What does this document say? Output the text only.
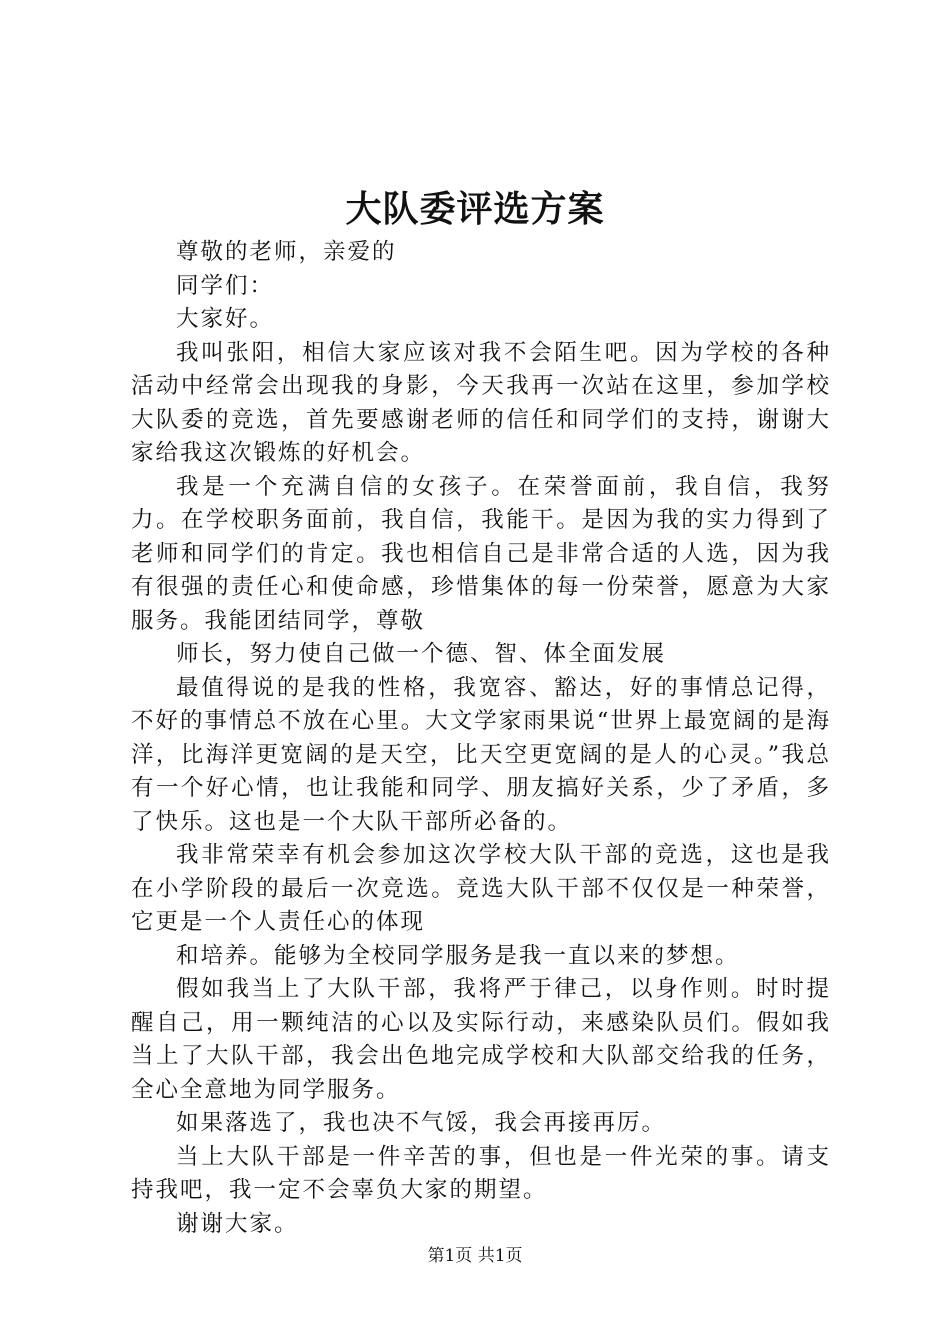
大队委评选方案

尊敬的老师，亲爱的

同学们：

大家好。

我叫张阳，相信大家应该对我不会陌生吧。因为学校的各种活动中经常会出现我的身影，今天我再一次站在这里，参加学校大队委的竞选，首先要感谢老师的信任和同学们的支持，谢谢大家给我这次锻炼的好机会。

我是一个充满自信的女孩子。在荣誉面前，我自信，我努力。在学校职务面前，我自信，我能干。是因为我的实力得到了老师和同学们的肯定。我也相信自己是非常合适的人选，因为我有很强的责任心和使命感，珍惜集体的每一份荣誉，愿意为大家服务。我能团结同学，尊敬

师长，努力使自己做一个德、智、体全面发展

最值得说的是我的性格，我宽容、豁达，好的事情总记得，不好的事情总不放在心里。大文学家雨果说“世界上最宽阔的是海洋，比海洋更宽阔的是天空，比天空更宽阔的是人的心灵。”我总有一个好心情，也让我能和同学、朋友搞好关系，少了矛盾，多了快乐。这也是一个大队干部所必备的。

我非常荣幸有机会参加这次学校大队干部的竞选，这也是我在小学阶段的最后一次竞选。竞选大队干部不仅仅是一种荣誉，它更是一个人责任心的体现

和培养。能够为全校同学服务是我一直以来的梦想。

假如我当上了大队干部，我将严于律己，以身作则。时时提醒自己，用一颗纯洁的心以及实际行动，来感染队员们。假如我当上了大队干部，我会出色地完成学校和大队部交给我的任务，全心全意地为同学服务。

如果落选了，我也决不气馁，我会再接再厉。

当上大队干部是一件辛苦的事，但也是一件光荣的事。请支持我吧，我一定不会辜负大家的期望。

谢谢大家。

第1页 共1页
